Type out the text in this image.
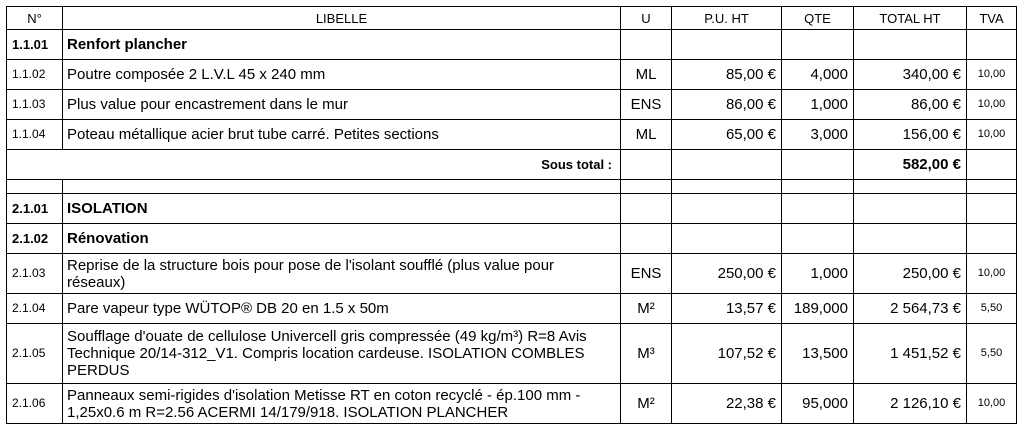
N°	LIBELLE	U	P.U. HT	QTE	TOTAL HT	TVA
1.1.01	Renfort plancher					
1.1.02	Poutre composée 2 L.V.L 45 x 240 mm	ML	85,00 €	4,000	340,00 €	10,00
1.1.03	Plus value pour encastrement dans le mur	ENS	86,00 €	1,000	86,00 €	10,00
1.1.04	Poteau métallique acier brut tube carré. Petites sections	ML	65,00 €	3,000	156,00 €	10,00
Sous total :					582,00 €	

2.1.01	ISOLATION					
2.1.02	Rénovation					
2.1.03	Reprise de la structure bois pour pose de l'isolant soufflé (plus value pour réseaux)	ENS	250,00 €	1,000	250,00 €	10,00
2.1.04	Pare vapeur type WÜTOP® DB 20 en 1.5 x 50m	M²	13,57 €	189,000	2 564,73 €	5,50
2.1.05	Soufflage d'ouate de cellulose Univercell gris compressée (49 kg/m³) R=8 Avis Technique 20/14-312_V1. Compris location cardeuse. ISOLATION COMBLES PERDUS	M³	107,52 €	13,500	1 451,52 €	5,50
2.1.06	Panneaux semi-rigides d'isolation Metisse RT en coton recyclé - ép.100 mm - 1,25x0.6 m R=2.56 ACERMI 14/179/918. ISOLATION PLANCHER	M²	22,38 €	95,000	2 126,10 €	10,00
